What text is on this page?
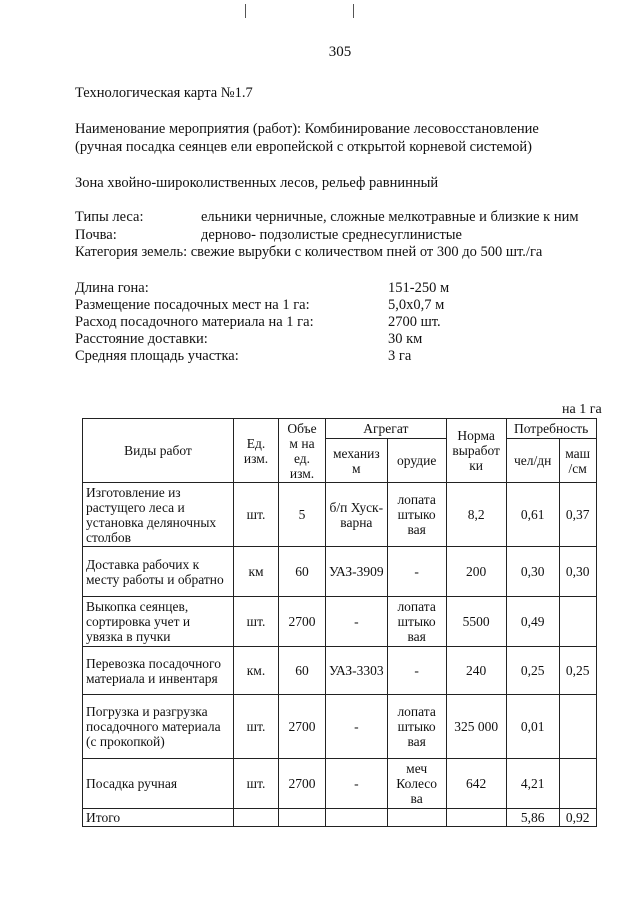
305
Технологическая карта №1.7
Наименование мероприятия (работ): Комбинирование лесовосстановление
(ручная посадка сеянцев ели европейской с открытой корневой системой)
Зона хвойно-широколиственных лесов, рельеф равнинный
Типы леса:	ельники черничные, сложные мелкотравные и близкие к ним
Почва:	дерново- подзолистые среднесуглинистые
Категория земель: свежие вырубки с количеством пней от 300 до 500 шт./га
Длина гона:	151-250 м
Размещение посадочных мест на 1 га:	5,0х0,7 м
Расход посадочного материала на 1 га:	2700 шт.
Расстояние доставки:	30 км
Средняя площадь участка:	3 га
на 1 га
Виды работ	Ед. изм.	Объе м на ед. изм.	Агрегат		Норма выработ ки	Потребность	
			механиз м	орудие		чел/дн	маш /см
Изготовление из растущего леса и установка деляночных столбов	шт.	5	б/п Хуск-варна	лопата штыко вая	8,2	0,61	0,37
Доставка рабочих к месту работы и обратно	км	60	УАЗ-3909	-	200	0,30	0,30
Выкопка сеянцев, сортировка учет и увязка в пучки	шт.	2700	-	лопата штыко вая	5500	0,49	
Перевозка посадочного материала и инвентаря	км.	60	УАЗ-3303	-	240	0,25	0,25
Погрузка и разгрузка посадочного материала (с прокопкой)	шт.	2700	-	лопата штыко вая	325 000	0,01	
Посадка ручная	шт.	2700	-	меч Колесо ва	642	4,21	
Итого						5,86	0,92
